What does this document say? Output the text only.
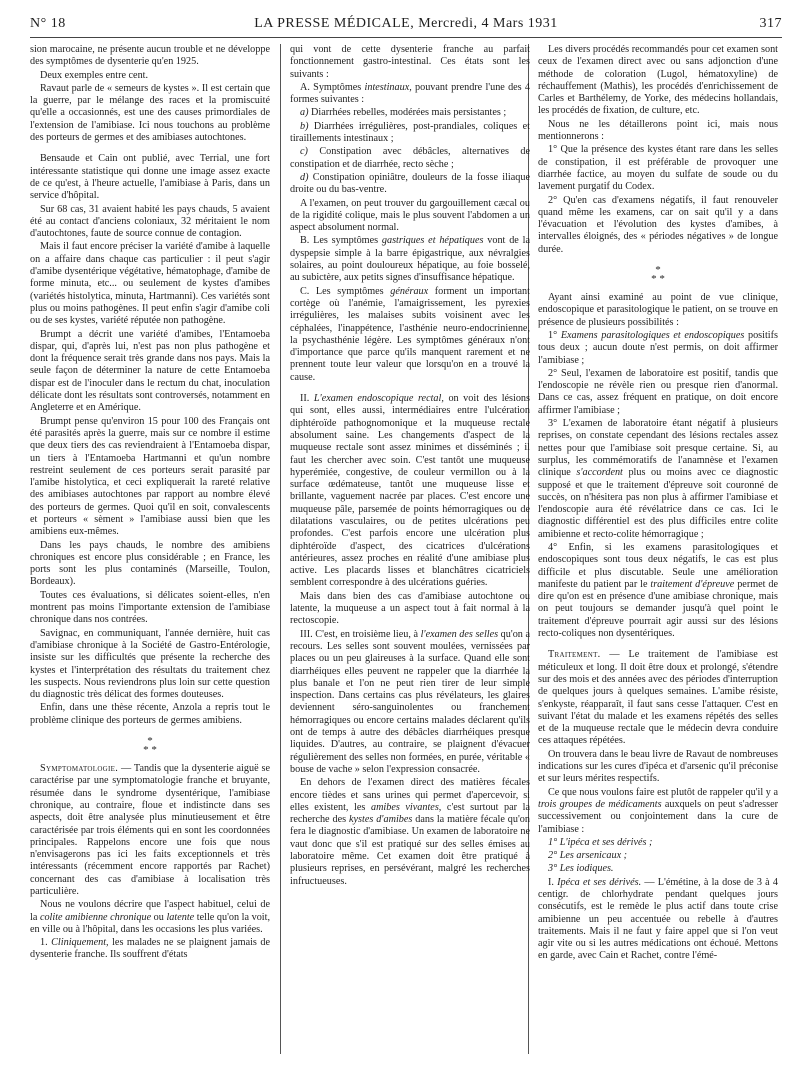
N° 18	LA PRESSE MÉDICALE, Mercredi, 4 Mars 1931	317

sion marocaine, ne présente aucun trouble et ne développe des symptômes de dysenterie qu'en 1925.

Deux exemples entre cent.

Ravaut parle de « semeurs de kystes ». Il est certain que la guerre, par le mélange des races et la promiscuité qu'elle a occasionnés, est une des causes primordiales de l'extension de l'amibiase. Ici nous touchons au problème des porteurs de germes et des amibiases autochtones.

Bensaude et Cain ont publié, avec Terrial, une fort intéressante statistique qui donne une image assez exacte de ce qu'est, à l'heure actuelle, l'amibiase à Paris, dans un service d'hôpital.

Sur 68 cas, 31 avaient habité les pays chauds, 5 avaient été au contact d'anciens coloniaux, 32 méritaient le nom d'autochtones, faute de source connue de contagion.

Mais il faut encore préciser la variété d'amibe à laquelle on a affaire dans chaque cas particulier : il peut s'agir d'amibe dysentérique végétative, hématophage, d'amibe de forme minuta, etc... ou seulement de kystes d'amibes (variétés histolytica, minuta, Hartmanni). Ces variétés sont plus ou moins pathogènes. Il peut enfin s'agir d'amibe coli ou de ses kystes, variété réputée non pathogène.

Brumpt a décrit une variété d'amibes, l'Entamoeba dispar, qui, d'après lui, n'est pas non plus pathogène et dont la fréquence serait très grande dans nos pays. Mais la seule façon de déterminer la nature de cette Entamoeba dispar est de l'inoculer dans le rectum du chat, inoculation délicate dont les résultats sont controversés, notamment en Angleterre et en Amérique.

Brumpt pense qu'environ 15 pour 100 des Français ont été parasités après la guerre, mais sur ce nombre il estime que deux tiers des cas reviendraient à l'Entamoeba dispar, un tiers à l'Entamoeba Hartmanni et qu'un nombre restreint seulement de ces porteurs serait parasité par l'amibe histolytica, et ceci expliquerait la rareté relative des amibiases autochtones par rapport au nombre élevé des porteurs de germes. Quoi qu'il en soit, convalescents et porteurs « sèment » l'amibiase aussi bien que les amibiens eux-mêmes.

Dans les pays chauds, le nombre des amibiens chroniques est encore plus considérable ; en France, les ports sont les plus contaminés (Marseille, Toulon, Bordeaux).

Toutes ces évaluations, si délicates soient-elles, n'en montrent pas moins l'importante extension de l'amibiase chronique dans nos contrées.

Savignac, en communiquant, l'année dernière, huit cas d'amibiase chronique à la Société de Gastro-Entérologie, insiste sur les difficultés que présente la recherche des kystes et l'interprétation des résultats du traitement chez les suspects. Nous reviendrons plus loin sur cette question du diagnostic très délicat des formes douteuses.

Enfin, dans une thèse récente, Anzola a repris tout le problème clinique des porteurs de germes amibiens.

*
* *

Symptomatologie. — Tandis que la dysenterie aiguë se caractérise par une symptomatologie franche et bruyante, résumée dans le syndrome dysentérique, l'amibiase chronique, au contraire, floue et indistincte dans ses aspects, doit être analysée plus minutieusement et être caractérisée par trois éléments qui en sont les coordonnées principales. Rappelons encore une fois que nous n'envisagerons pas ici les faits exceptionnels et très intéressants (récemment encore rapportés par Rachet) concernant des cas d'amibiase à localisation très particulière.

Nous ne voulons décrire que l'aspect habituel, celui de la colite amibienne chronique ou latente telle qu'on la voit, en ville ou à l'hôpital, dans les occasions les plus variées.

1. Cliniquement, les malades ne se plaignent jamais de dysenterie franche. Ils souffrent d'états

qui vont de cette dysenterie franche au parfait fonctionnement gastro-intestinal. Ces états sont les suivants :

A. Symptômes intestinaux, pouvant prendre l'une des 4 formes suivantes :

a) Diarrhées rebelles, modérées mais persistantes ;

b) Diarrhées irrégulières, post-prandiales, coliques et tiraillements intestinaux ;

c) Constipation avec débâcles, alternatives de constipation et de diarrhée, recto sèche ;

d) Constipation opiniâtre, douleurs de la fosse iliaque droite ou du bas-ventre.

A l'examen, on peut trouver du gargouillement cæcal ou de la rigidité colique, mais le plus souvent l'abdomen a un aspect absolument normal.

B. Les symptômes gastriques et hépatiques vont de la dyspepsie simple à la barre épigastrique, aux névralgies solaires, au point douloureux hépatique, au foie bosselé, au subictère, aux petits signes d'insuffisance hépatique.

C. Les symptômes généraux forment un important cortège où l'anémie, l'amaigrissement, les pyrexies irrégulières, les malaises subits voisinent avec les céphalées, l'inappétence, l'asthénie neuro-endocrinienne, la psychasthénie légère. Les symptômes généraux n'ont d'importance que parce qu'ils manquent rarement et ne prennent toute leur valeur que lorsqu'on en a trouvé la cause.

II. L'examen endoscopique rectal, on voit des lésions qui sont, elles aussi, intermédiaires entre l'ulcération diphtéroïde pathognomonique et la muqueuse rectale absolument saine. Les changements d'aspect de la muqueuse rectale sont assez minimes et disséminés ; il faut les chercher avec soin. C'est tantôt une muqueuse hyperémiée, congestive, de couleur vermillon ou à la surface œdémateuse, tantôt une muqueuse lisse et brillante, vaguement nacrée par places. C'est encore une muqueuse pâle, parsemée de points hémorragiques ou de dilatations vasculaires, ou de petites ulcérations peu profondes. C'est parfois encore une ulcération plus diphtéroïde d'aspect, des cicatrices d'ulcérations antérieures, assez proches en réalité d'une amibiase plus active. Les placards lisses et blanchâtres cicatriciels semblent correspondre à des ulcérations guéries.

Mais dans bien des cas d'amibiase autochtone ou latente, la muqueuse a un aspect tout à fait normal à la rectoscopie.

III. C'est, en troisième lieu, à l'examen des selles qu'on a recours. Les selles sont souvent moulées, vernissées par places ou un peu glaireuses à la surface. Quand elle sont diarrhéiques elles peuvent ne rappeler que la diarrhée la plus banale et l'on ne peut rien tirer de leur simple inspection. Dans certains cas plus révélateurs, les glaires deviennent séro-sanguinolentes ou franchement hémorragiques ou encore certains malades déclarent qu'ils ont de temps à autre des débâcles diarrhéiques presque liquides. D'autres, au contraire, se plaignent d'évacuer régulièrement des selles non formées, en purée, véritable « bouse de vache » selon l'expression consacrée.

En dehors de l'examen direct des matières fécales encore tièdes et sans urines qui permet d'apercevoir, si elles existent, les amibes vivantes, c'est surtout par la recherche des kystes d'amibes dans la matière fécale qu'on fera le diagnostic d'amibiase. Un examen de laboratoire ne vaut donc que s'il est pratiqué sur des selles émises au laboratoire même. Cet examen doit être pratiqué à plusieurs reprises, en persévérant, malgré les recherches infructueuses.

Les divers procédés recommandés pour cet examen sont ceux de l'examen direct avec ou sans adjonction d'une méthode de coloration (Lugol, hématoxyline) de réchauffement (Mathis), les procédés d'enrichissement de Carles et Barthélemy, de Yorke, des médecins hollandais, les procédés de fixation, de culture, etc.

Nous ne les détaillerons point ici, mais nous mentionnerons :

1° Que la présence des kystes étant rare dans les selles de constipation, il est préférable de provoquer une diarrhée factice, au moyen du sulfate de soude ou du lavement purgatif du Codex.

2° Qu'en cas d'examens négatifs, il faut renouveler quand même les examens, car on sait qu'il y a dans l'évacuation et l'évolution des kystes d'amibes, à intervalles éloignés, des « périodes négatives » de longue durée.

*
* *

Ayant ainsi examiné au point de vue clinique, endoscopique et parasitologique le patient, on se trouve en présence de plusieurs possibilités :

1° Examens parasitologiques et endoscopiques positifs tous deux ; aucun doute n'est permis, on doit affirmer l'amibiase ;

2° Seul, l'examen de laboratoire est positif, tandis que l'endoscopie ne révèle rien ou presque rien d'anormal. Dans ce cas, assez fréquent en pratique, on doit encore affirmer l'amibiase ;

3° L'examen de laboratoire étant négatif à plusieurs reprises, on constate cependant des lésions rectales assez nettes pour que l'amibiase soit presque certaine. Si, au surplus, les commémoratifs de l'anamnèse et l'examen clinique s'accordent plus ou moins avec ce diagnostic supposé et que le traitement d'épreuve soit couronné de succès, on n'hésitera pas non plus à affirmer l'amibiase et l'endoscopie aura été révélatrice dans ce cas. Ici le diagnostic différentiel est des plus difficiles entre colite amibienne et recto-colite hémorragique ;

4° Enfin, si les examens parasitologiques et endoscopiques sont tous deux négatifs, le cas est plus difficile et plus discutable. Seule une amélioration manifeste du patient par le traitement d'épreuve permet de dire qu'on est en présence d'une amibiase chronique, mais on peut toujours se demander jusqu'à quel point le traitement d'épreuve pourrait agir aussi sur des lésions recto-coliques non dysentériques.

Traitement. — Le traitement de l'amibiase est méticuleux et long. Il doit être doux et prolongé, s'étendre sur des mois et des années avec des périodes d'interruption de quelques jours à quelques semaines. L'amibe résiste, s'enkyste, réapparaît, il faut sans cesse l'attaquer. C'est en suivant l'état du malade et les examens répétés des selles et de la muqueuse rectale que le médecin devra conduire ces attaques répétées.

On trouvera dans le beau livre de Ravaut de nombreuses indications sur les cures d'ipéca et d'arsenic qu'il préconise et sur leurs mérites respectifs.

Ce que nous voulons faire est plutôt de rappeler qu'il y a trois groupes de médicaments auxquels on peut s'adresser successivement ou conjointement dans la cure de l'amibiase :

1° L'ipéca et ses dérivés ;

2° Les arsenicaux ;

3° Les iodiques.

I. Ipéca et ses dérivés. — L'émétine, à la dose de 3 à 4 centigr. de chlorhydrate pendant quelques jours consécutifs, est le remède le plus actif dans toute crise amibienne un peu accentuée ou rebelle à d'autres traitements. Mais il ne faut y faire appel que si l'on veut agir vite ou si les autres médications ont échoué. Mettons en garde, avec Cain et Rachet, contre l'émé-
